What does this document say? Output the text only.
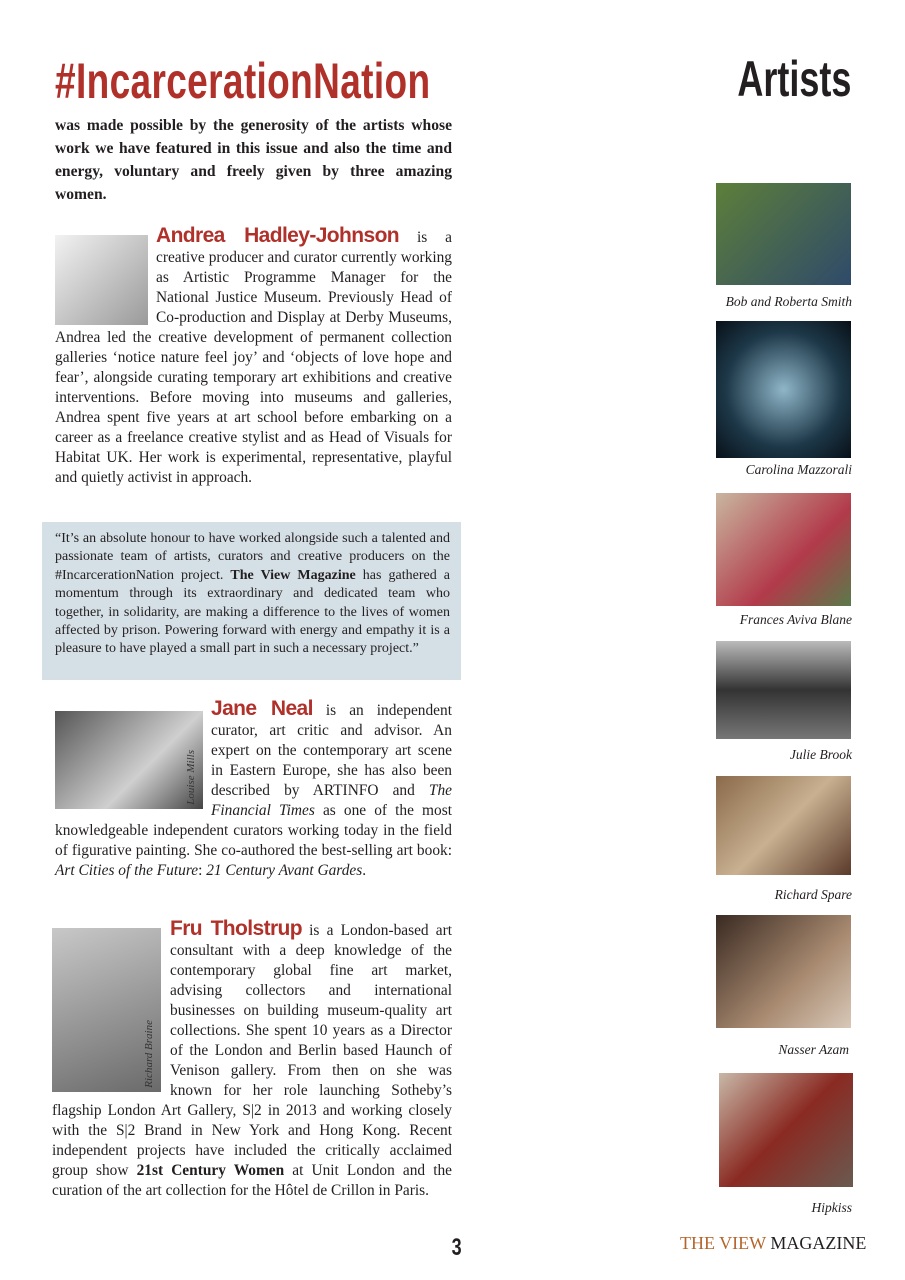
#IncarcerationNation	Artists
was made possible by the generosity of the artists whose work we have featured in this issue and also the time and energy, voluntary and freely given by three amazing women.
Andrea Hadley-Johnson is a creative producer and curator currently working as Artistic Programme Manager for the National Justice Museum. Previously Head of Co-production and Display at Derby Museums, Andrea led the creative development of permanent collection galleries ‘notice nature feel joy’ and ‘objects of love hope and fear’, alongside curating temporary art exhibitions and creative interventions. Before moving into museums and galleries, Andrea spent five years at art school before embarking on a career as a freelance creative stylist and as Head of Visuals for Habitat UK. Her work is experimental, representative, playful and quietly activist in approach.
“It’s an absolute honour to have worked alongside such a talented and passionate team of artists, curators and creative producers on the #IncarcerationNation project. The View Magazine has gathered a momentum through its extraordinary and dedicated team who together, in solidarity, are making a difference to the lives of women affected by prison. Powering forward with energy and empathy it is a pleasure to have played a small part in such a necessary project.”
Louise Mills
Jane Neal is an independent curator, art critic and advisor. An expert on the contemporary art scene in Eastern Europe, she has also been described by ARTINFO and The Financial Times as one of the most knowledgeable independent curators working today in the field of figurative painting. She co-authored the best-selling art book: Art Cities of the Future: 21 Century Avant Gardes.
Richard Braine
Fru Tholstrup is a London-based art consultant with a deep knowledge of the contemporary global fine art market, advising collectors and international businesses on building museum-quality art collections. She spent 10 years as a Director of the London and Berlin based Haunch of Venison gallery. From then on she was known for her role launching Sotheby’s flagship London Art Gallery, S|2 in 2013 and working closely with the S|2 Brand in New York and Hong Kong. Recent independent projects have included the critically acclaimed group show 21st Century Women at Unit London and the curation of the art collection for the Hôtel de Crillon in Paris.
Bob and Roberta Smith
Carolina Mazzorali
Frances Aviva Blane
Julie Brook
Richard Spare
Nasser Azam
Hipkiss
3	THE VIEW MAGAZINE
